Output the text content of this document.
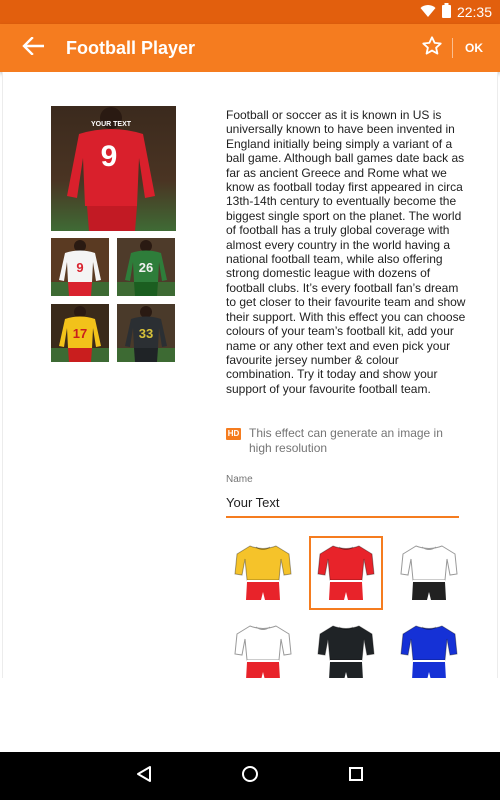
22:35
Football Player	OK
YOUR TEXT
9
9	26
17	33

Football or soccer as it is known in US is universally known to have been invented in England initially being simply a variant of a ball game. Although ball games date back as far as ancient Greece and Rome what we know as football today first appeared in circa 13th-14th century to eventually become the biggest single sport on the planet. The world of football has a truly global coverage with almost every country in the world having a national football team, while also offering strong domestic league with dozens of football clubs. It’s every football fan’s dream to get closer to their favourite team and show their support. With this effect you can choose colours of your team’s football kit, add your name or any other text and even pick your favourite jersey number & colour combination. Try it today and show your support of your favourite football team.

HD This effect can generate an image in high resolution
Name
Your Text
